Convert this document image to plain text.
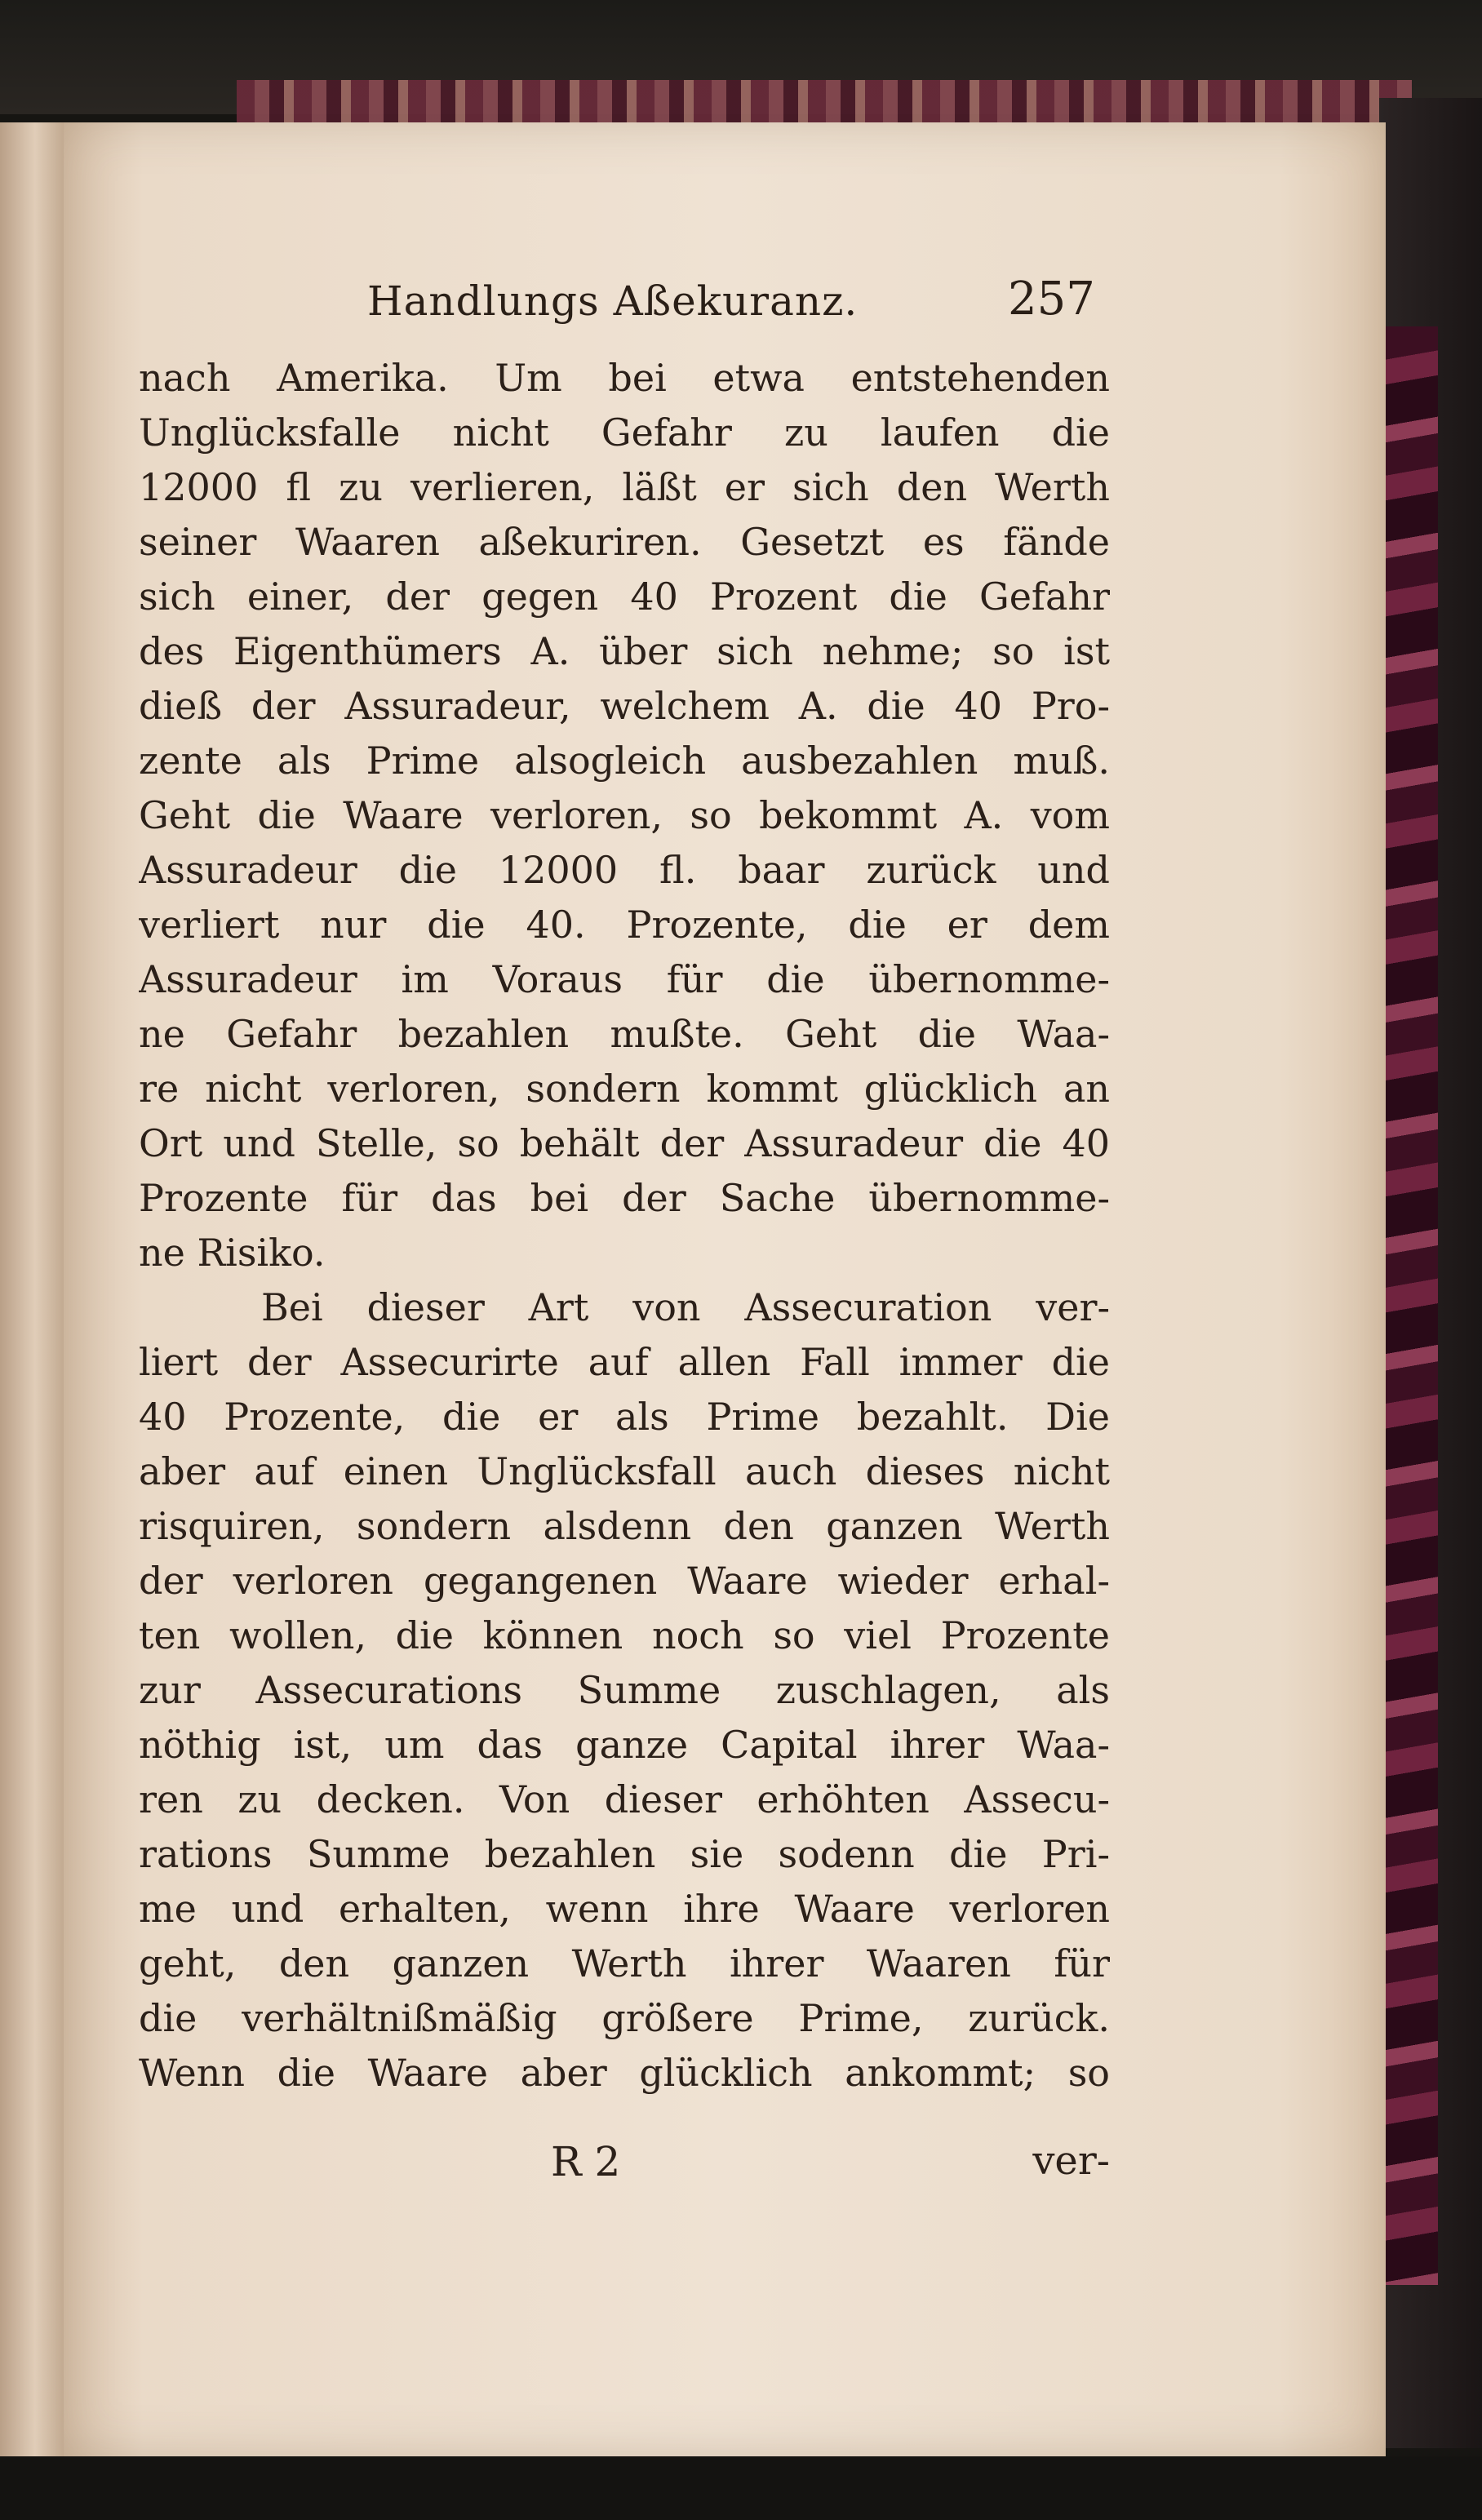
Handlungs Aßekuranz.	257
nach Amerika. Um bei etwa entstehenden
Unglücksfalle nicht Gefahr zu laufen die
12000 fl zu verlieren, läßt er sich den Werth
seiner Waaren aßekuriren. Gesetzt es fände
sich einer, der gegen 40 Prozent die Gefahr
des Eigenthümers A. über sich nehme; so ist
dieß der Assuradeur, welchem A. die 40 Pro-
zente als Prime alsogleich ausbezahlen muß.
Geht die Waare verloren, so bekommt A. vom
Assuradeur die 12000 fl. baar zurück und
verliert nur die 40. Prozente, die er dem
Assuradeur im Voraus für die übernomme-
ne Gefahr bezahlen mußte. Geht die Waa-
re nicht verloren, sondern kommt glücklich an
Ort und Stelle, so behält der Assuradeur die 40
Prozente für das bei der Sache übernomme-
ne Risiko.
Bei dieser Art von Assecuration ver-
liert der Assecurirte auf allen Fall immer die
40 Prozente, die er als Prime bezahlt. Die
aber auf einen Unglücksfall auch dieses nicht
risquiren, sondern alsdenn den ganzen Werth
der verloren gegangenen Waare wieder erhal-
ten wollen, die können noch so viel Prozente
zur Assecurations Summe zuschlagen, als
nöthig ist, um das ganze Capital ihrer Waa-
ren zu decken. Von dieser erhöhten Assecu-
rations Summe bezahlen sie sodenn die Pri-
me und erhalten, wenn ihre Waare verloren
geht, den ganzen Werth ihrer Waaren für
die verhältnißmäßig größere Prime, zurück.
Wenn die Waare aber glücklich ankommt; so
R 2	ver-
